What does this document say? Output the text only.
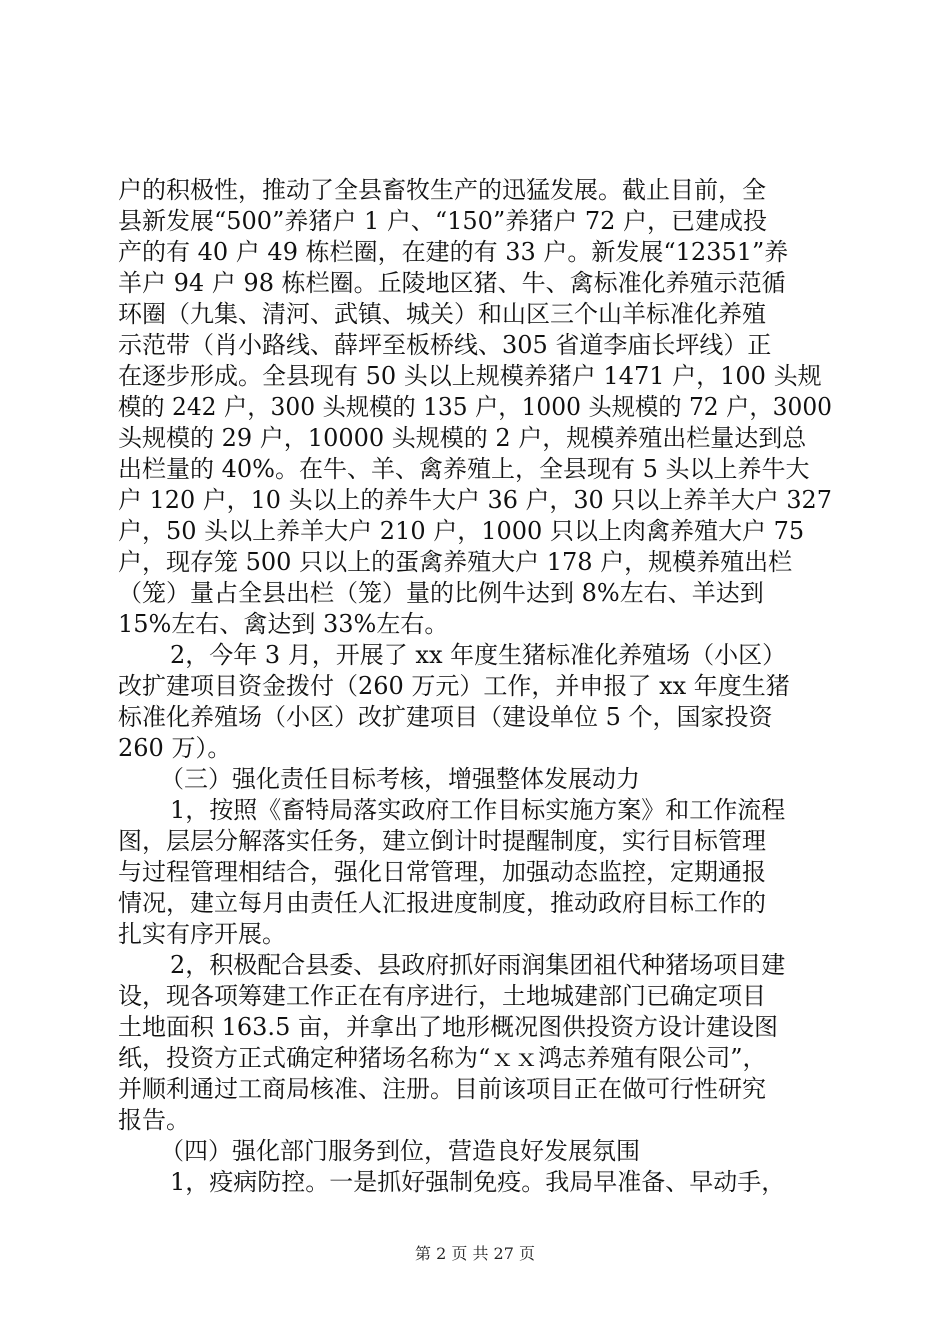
户的积极性，推动了全县畜牧生产的迅猛发展。截止目前，全
县新发展“500”养猪户 1 户、“150”养猪户 72 户，已建成投
产的有 40 户 49 栋栏圈，在建的有 33 户。新发展“12351”养
羊户 94 户 98 栋栏圈。丘陵地区猪、牛、禽标准化养殖示范循
环圈（九集、清河、武镇、城关）和山区三个山羊标准化养殖
示范带（肖小路线、薛坪至板桥线、305 省道李庙长坪线）正
在逐步形成。全县现有 50 头以上规模养猪户 1471 户，100 头规
模的 242 户，300 头规模的 135 户，1000 头规模的 72 户，3000
头规模的 29 户，10000 头规模的 2 户，规模养殖出栏量达到总
出栏量的 40%。在牛、羊、禽养殖上，全县现有 5 头以上养牛大
户 120 户，10 头以上的养牛大户 36 户，30 只以上养羊大户 327
户，50 头以上养羊大户 210 户，1000 只以上肉禽养殖大户 75
户，现存笼 500 只以上的蛋禽养殖大户 178 户，规模养殖出栏
（笼）量占全县出栏（笼）量的比例牛达到 8%左右、羊达到
15%左右、禽达到 33%左右。
2，今年 3 月，开展了 xx 年度生猪标准化养殖场（小区）
改扩建项目资金拨付（260 万元）工作，并申报了 xx 年度生猪
标准化养殖场（小区）改扩建项目（建设单位 5 个，国家投资
260 万）。
（三）强化责任目标考核，增强整体发展动力
1，按照《畜特局落实政府工作目标实施方案》和工作流程
图，层层分解落实任务，建立倒计时提醒制度，实行目标管理
与过程管理相结合，强化日常管理，加强动态监控，定期通报
情况，建立每月由责任人汇报进度制度，推动政府目标工作的
扎实有序开展。
2，积极配合县委、县政府抓好雨润集团祖代种猪场项目建
设，现各项筹建工作正在有序进行，土地城建部门已确定项目
土地面积 163.5 亩，并拿出了地形概况图供投资方设计建设图
纸，投资方正式确定种猪场名称为“ｘｘ鸿志养殖有限公司”，
并顺利通过工商局核准、注册。目前该项目正在做可行性研究
报告。
（四）强化部门服务到位，营造良好发展氛围
1，疫病防控。一是抓好强制免疫。我局早准备、早动手，
第 2 页 共 27 页
